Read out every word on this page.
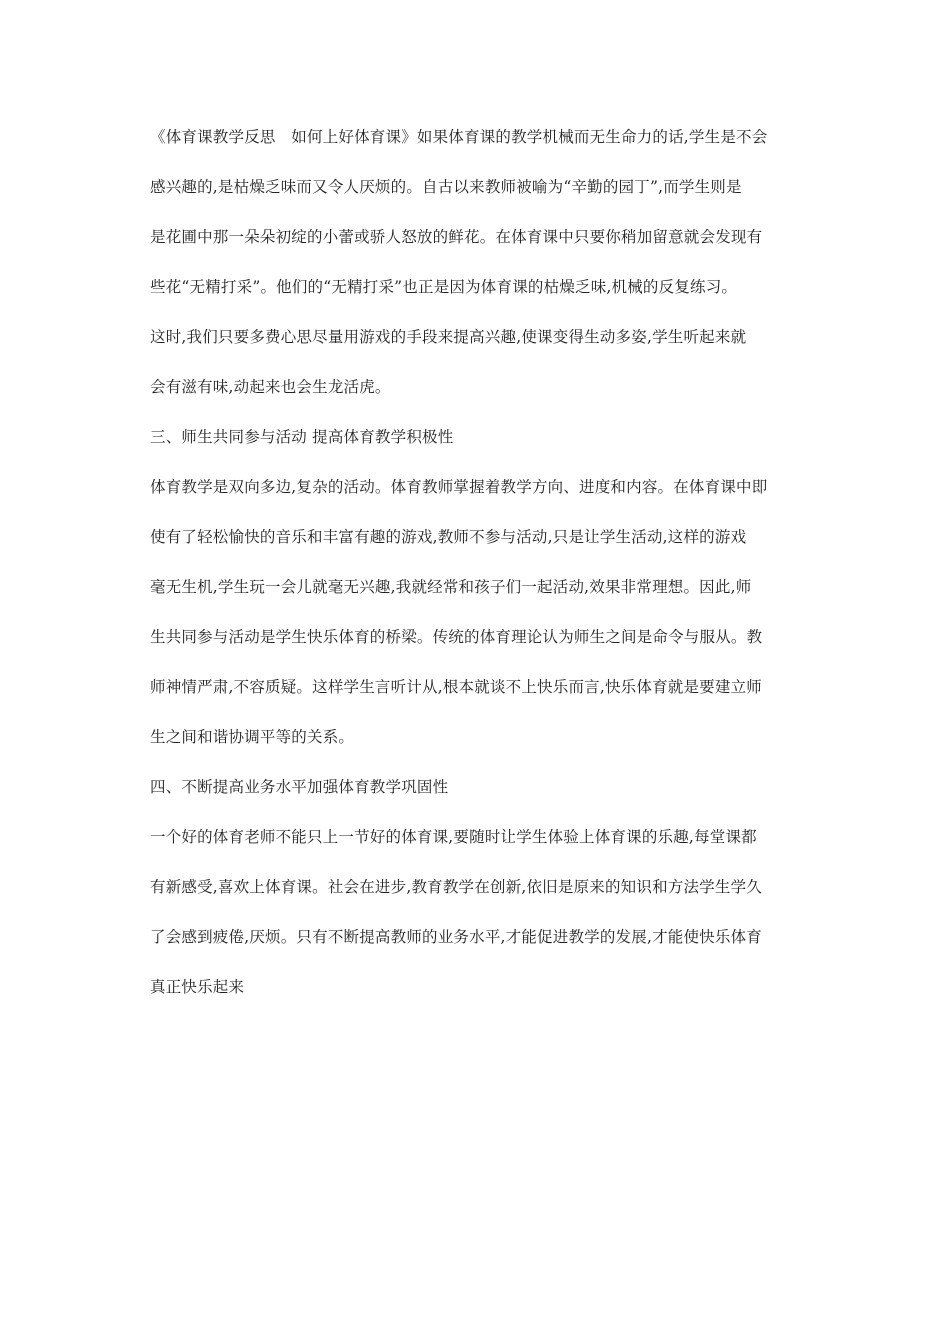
《体育课教学反思　如何上好体育课》如果体育课的教学机械而无生命力的话,学生是不会
感兴趣的,是枯燥乏味而又令人厌烦的。自古以来教师被喻为“辛勤的园丁”,而学生则是
是花圃中那一朵朵初绽的小蕾或骄人怒放的鲜花。在体育课中只要你稍加留意就会发现有
些花“无精打采”。他们的“无精打采”也正是因为体育课的枯燥乏味,机械的反复练习。
这时,我们只要多费心思尽量用游戏的手段来提高兴趣,使课变得生动多姿,学生听起来就
会有滋有味,动起来也会生龙活虎。
三、师生共同参与活动 提高体育教学积极性
体育教学是双向多边,复杂的活动。体育教师掌握着教学方向、进度和内容。在体育课中即
使有了轻松愉快的音乐和丰富有趣的游戏,教师不参与活动,只是让学生活动,这样的游戏
毫无生机,学生玩一会儿就毫无兴趣,我就经常和孩子们一起活动,效果非常理想。因此,师
生共同参与活动是学生快乐体育的桥梁。传统的体育理论认为师生之间是命令与服从。教
师神情严肃,不容质疑。这样学生言听计从,根本就谈不上快乐而言,快乐体育就是要建立师
生之间和谐协调平等的关系。
四、不断提高业务水平加强体育教学巩固性
一个好的体育老师不能只上一节好的体育课,要随时让学生体验上体育课的乐趣,每堂课都
有新感受,喜欢上体育课。社会在进步,教育教学在创新,依旧是原来的知识和方法学生学久
了会感到疲倦,厌烦。只有不断提高教师的业务水平,才能促进教学的发展,才能使快乐体育
真正快乐起来
